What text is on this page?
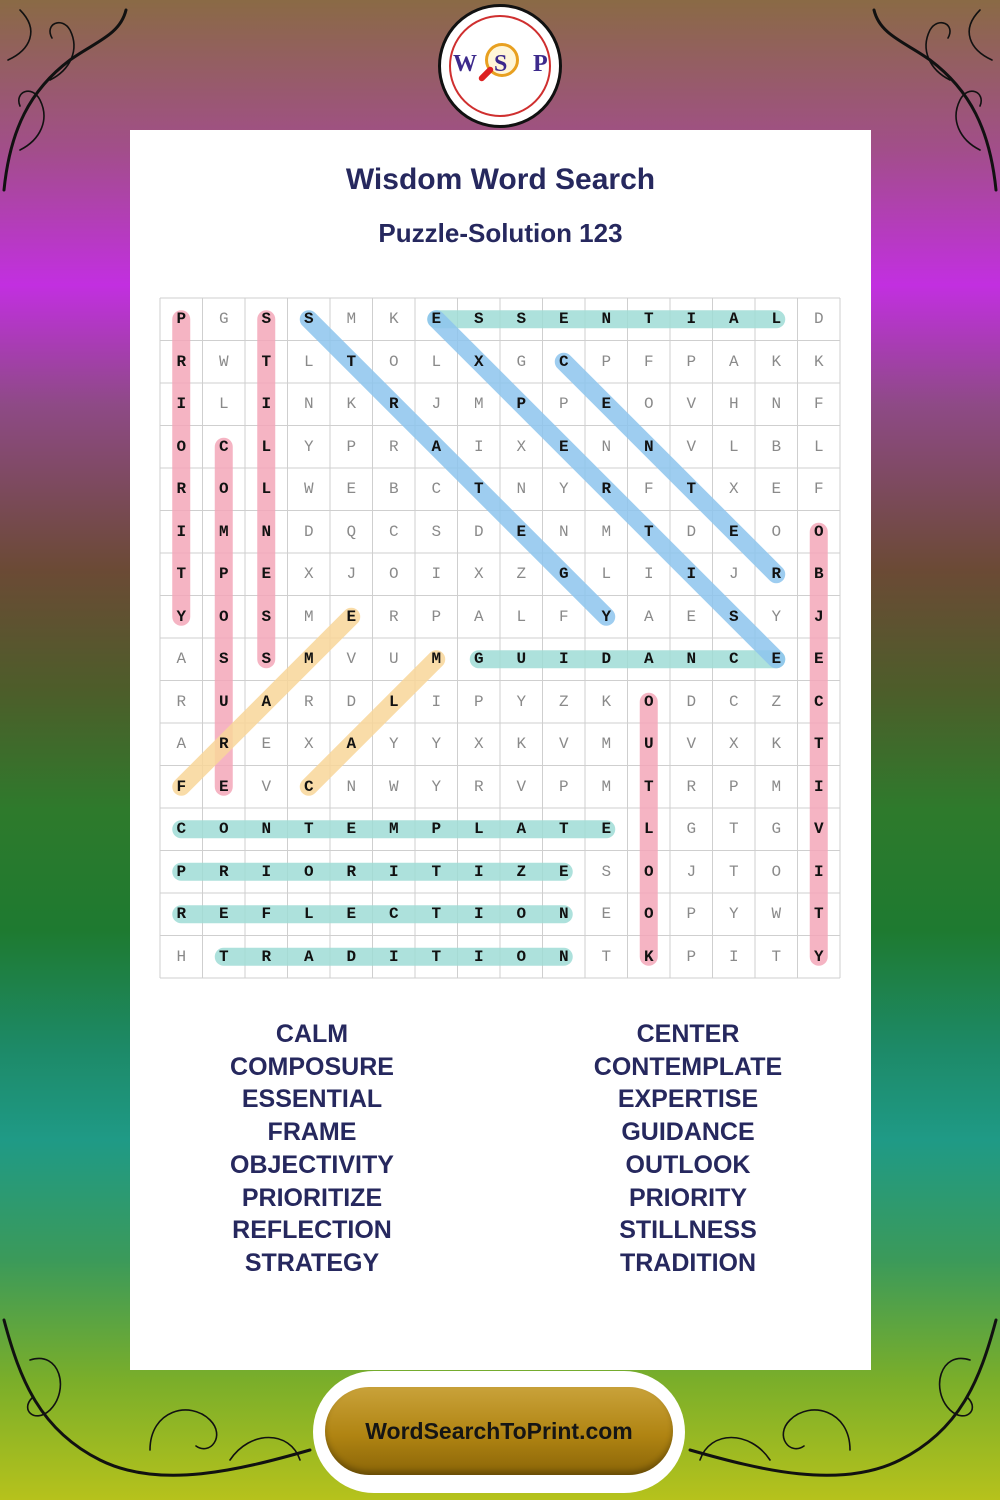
W S P
Wisdom Word Search
Puzzle-Solution 123
P	G	S	S	M	K	E	S	S	E	N	T	I	A	L	D
R	W	T	L	T	O	L	X	G	C	P	F	P	A	K	K
I	L	I	N	K	R	J	M	P	P	E	O	V	H	N	F
O	C	L	Y	P	R	A	I	X	E	N	N	V	L	B	L
R	O	L	W	E	B	C	T	N	Y	R	F	T	X	E	F
I	M	N	D	Q	C	S	D	E	N	M	T	D	E	O	O
T	P	E	X	J	O	I	X	Z	G	L	I	I	J	R	B
Y	O	S	M	E	R	P	A	L	F	Y	A	E	S	Y	J
A	S	S	M	V	U	M	G	U	I	D	A	N	C	E	E
R	U	A	R	D	L	I	P	Y	Z	K	O	D	C	Z	C
A	R	E	X	A	Y	Y	X	K	V	M	U	V	X	K	T
F	E	V	C	N	W	Y	R	V	P	M	T	R	P	M	I
C	O	N	T	E	M	P	L	A	T	E	L	G	T	G	V
P	R	I	O	R	I	T	I	Z	E	S	O	J	T	O	I
R	E	F	L	E	C	T	I	O	N	E	O	P	Y	W	T
H	T	R	A	D	I	T	I	O	N	T	K	P	I	T	Y
CALM
COMPOSURE
ESSENTIAL
FRAME
OBJECTIVITY
PRIORITIZE
REFLECTION
STRATEGY
CENTER
CONTEMPLATE
EXPERTISE
GUIDANCE
OUTLOOK
PRIORITY
STILLNESS
TRADITION
WordSearchToPrint.com
